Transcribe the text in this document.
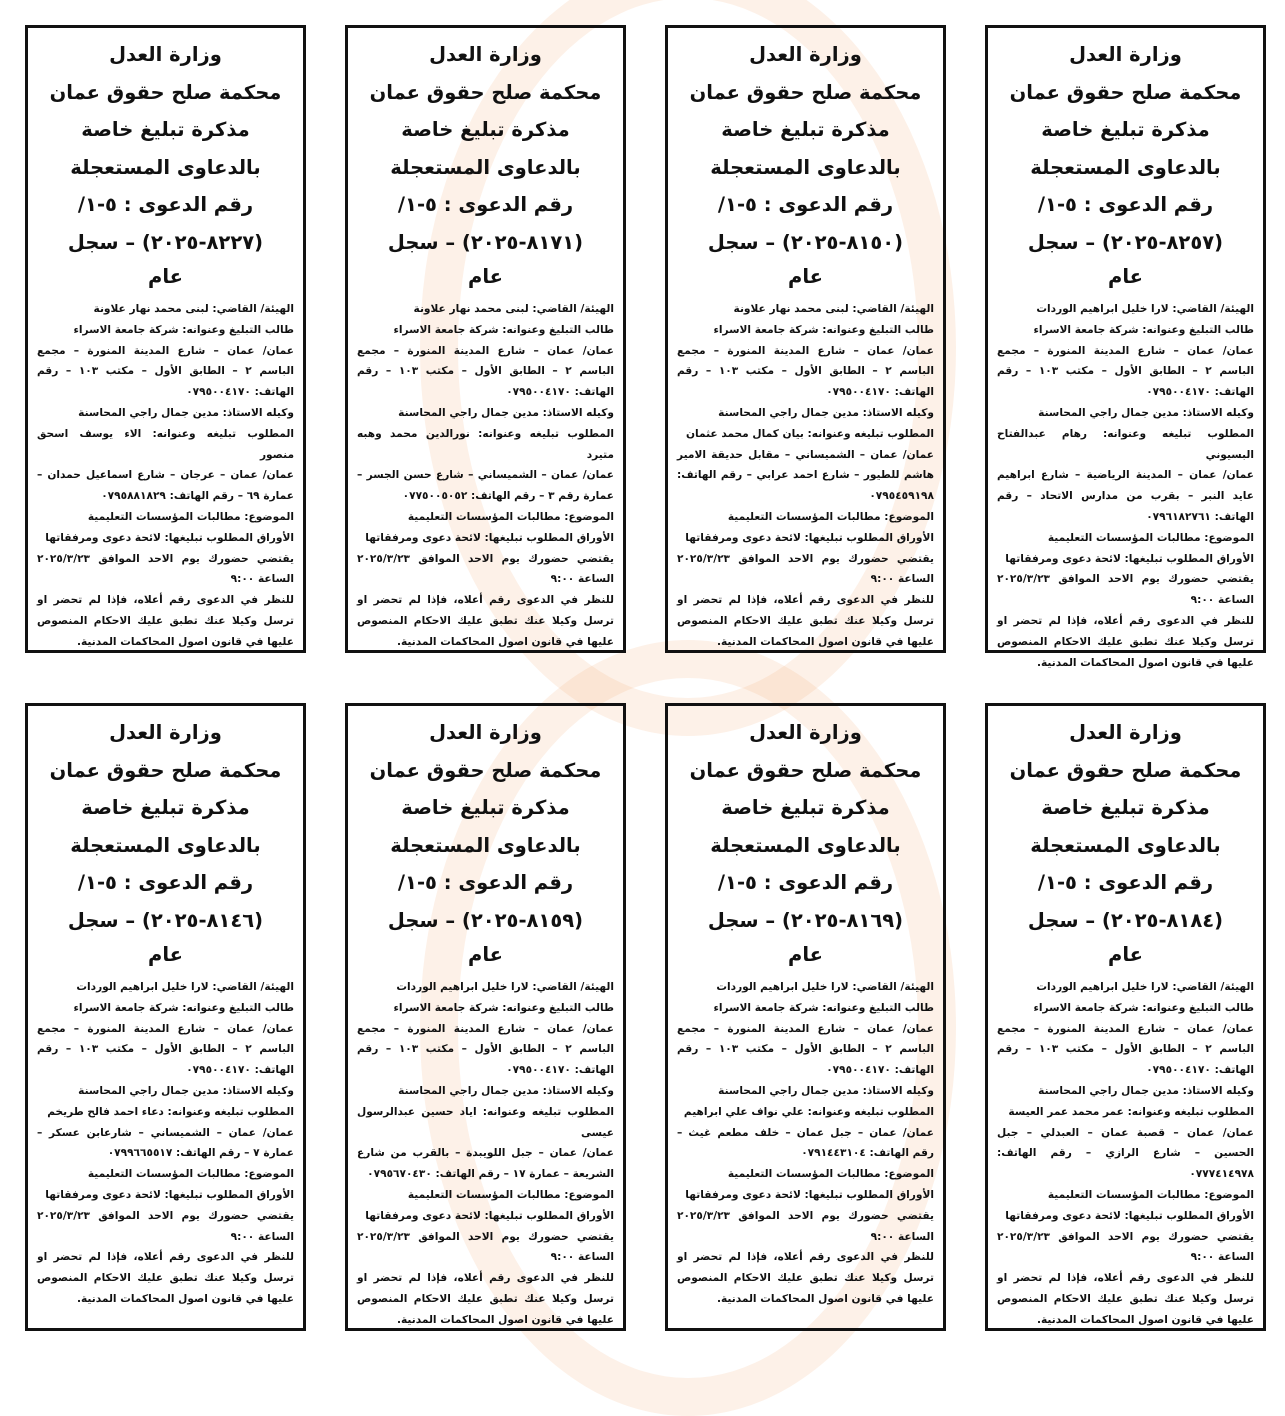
وزارة العدل
محكمة صلح حقوق عمان
مذكرة تبليغ خاصة
بالدعاوى المستعجلة
رقم الدعوى : ٥-١/
(٨٢٥٧-٢٠٢٥) – سجل
عام

الهيئة/ القاضي: لارا خليل ابراهيم الوردات

طالب التبليغ وعنوانه: شركة جامعة الاسراء

عمان/ عمان – شارع المدينة المنورة – مجمع الباسم ٢ – الطابق الأول – مكتب ١٠٣ – رقم الهاتف: ٠٧٩٥٠٠٤١٧٠

وكيله الاستاذ: مدين جمال راجي المحاسنة

المطلوب تبليغه وعنوانه: رهام عبدالفتاح البسيوني

عمان/ عمان – المدينة الرياضية – شارع ابراهيم عايد النبر – بقرب من مدارس الاتحاد – رقم الهاتف: ٠٧٩٦١٨٢٧٦١

الموضوع: مطالبات المؤسسات التعليمية

الأوراق المطلوب تبليغها: لائحة دعوى ومرفقاتها

يقتضي حضورك يوم الاحد الموافق ٢٠٢٥/٣/٢٣ الساعة ٩:٠٠

للنظر في الدعوى رقم أعلاه، فإذا لم تحضر او ترسل وكيلا عنك تطبق عليك الاحكام المنصوص عليها في قانون اصول المحاكمات المدنية.

وزارة العدل
محكمة صلح حقوق عمان
مذكرة تبليغ خاصة
بالدعاوى المستعجلة
رقم الدعوى : ٥-١/
(٨١٥٠-٢٠٢٥) – سجل
عام

الهيئة/ القاضي: لبنى محمد نهار علاونة

طالب التبليغ وعنوانه: شركة جامعة الاسراء

عمان/ عمان – شارع المدينة المنورة – مجمع الباسم ٢ – الطابق الأول – مكتب ١٠٣ – رقم الهاتف: ٠٧٩٥٠٠٤١٧٠

وكيله الاستاذ: مدين جمال راجي المحاسنة

المطلوب تبليغه وعنوانه: بيان كمال محمد عثمان

عمان/ عمان – الشميساني – مقابل حديقة الامير هاشم للطيور – شارع احمد عرابي – رقم الهاتف: ٠٧٩٥٤٥٩١٩٨

الموضوع: مطالبات المؤسسات التعليمية

الأوراق المطلوب تبليغها: لائحة دعوى ومرفقاتها

يقتضي حضورك يوم الاحد الموافق ٢٠٢٥/٣/٢٣ الساعة ٩:٠٠

للنظر في الدعوى رقم أعلاه، فإذا لم تحضر او ترسل وكيلا عنك تطبق عليك الاحكام المنصوص عليها في قانون اصول المحاكمات المدنية.

وزارة العدل
محكمة صلح حقوق عمان
مذكرة تبليغ خاصة
بالدعاوى المستعجلة
رقم الدعوى : ٥-١/
(٨١٧١-٢٠٢٥) – سجل
عام

الهيئة/ القاضي: لبنى محمد نهار علاونة

طالب التبليغ وعنوانه: شركة جامعة الاسراء

عمان/ عمان – شارع المدينة المنورة – مجمع الباسم ٢ – الطابق الأول – مكتب ١٠٣ – رقم الهاتف: ٠٧٩٥٠٠٤١٧٠

وكيله الاستاذ: مدين جمال راجي المحاسنة

المطلوب تبليغه وعنوانه: نورالدين محمد وهبه متيرد

عمان/ عمان – الشميساني – شارع حسن الجسر – عمارة رقم ٣ – رقم الهاتف: ٠٧٧٥٠٠٥٠٥٢

الموضوع: مطالبات المؤسسات التعليمية

الأوراق المطلوب تبليغها: لائحة دعوى ومرفقاتها

يقتضي حضورك يوم الاحد الموافق ٢٠٢٥/٣/٢٣ الساعة ٩:٠٠

للنظر في الدعوى رقم أعلاه، فإذا لم تحضر او ترسل وكيلا عنك تطبق عليك الاحكام المنصوص عليها في قانون اصول المحاكمات المدنية.

وزارة العدل
محكمة صلح حقوق عمان
مذكرة تبليغ خاصة
بالدعاوى المستعجلة
رقم الدعوى : ٥-١/
(٨٢٢٧-٢٠٢٥) – سجل
عام

الهيئة/ القاضي: لبنى محمد نهار علاونة

طالب التبليغ وعنوانه: شركة جامعة الاسراء

عمان/ عمان – شارع المدينة المنورة – مجمع الباسم ٢ – الطابق الأول – مكتب ١٠٣ – رقم الهاتف: ٠٧٩٥٠٠٤١٧٠

وكيله الاستاذ: مدين جمال راجي المحاسنة

المطلوب تبليغه وعنوانه: الاء يوسف اسحق منصور

عمان/ عمان – عرجان – شارع اسماعيل حمدان – عمارة ٦٩ – رقم الهاتف: ٠٧٩٥٨٨١٨٢٩

الموضوع: مطالبات المؤسسات التعليمية

الأوراق المطلوب تبليغها: لائحة دعوى ومرفقاتها

يقتضي حضورك يوم الاحد الموافق ٢٠٢٥/٣/٢٣ الساعة ٩:٠٠

للنظر في الدعوى رقم أعلاه، فإذا لم تحضر او ترسل وكيلا عنك تطبق عليك الاحكام المنصوص عليها في قانون اصول المحاكمات المدنية.

وزارة العدل
محكمة صلح حقوق عمان
مذكرة تبليغ خاصة
بالدعاوى المستعجلة
رقم الدعوى : ٥-١/
(٨١٨٤-٢٠٢٥) – سجل
عام

الهيئة/ القاضي: لارا خليل ابراهيم الوردات

طالب التبليغ وعنوانه: شركة جامعة الاسراء

عمان/ عمان – شارع المدينة المنورة – مجمع الباسم ٢ – الطابق الأول – مكتب ١٠٣ – رقم الهاتف: ٠٧٩٥٠٠٤١٧٠

وكيله الاستاذ: مدين جمال راجي المحاسنة

المطلوب تبليغه وعنوانه: عمر محمد عمر العيسة

عمان/ عمان – قصبة عمان – العبدلي – جبل الحسين – شارع الرازي – رقم الهاتف: ٠٧٧٧٤١٤٩٧٨

الموضوع: مطالبات المؤسسات التعليمية

الأوراق المطلوب تبليغها: لائحة دعوى ومرفقاتها

يقتضي حضورك يوم الاحد الموافق ٢٠٢٥/٣/٢٣ الساعة ٩:٠٠

للنظر في الدعوى رقم أعلاه، فإذا لم تحضر او ترسل وكيلا عنك تطبق عليك الاحكام المنصوص عليها في قانون اصول المحاكمات المدنية.

وزارة العدل
محكمة صلح حقوق عمان
مذكرة تبليغ خاصة
بالدعاوى المستعجلة
رقم الدعوى : ٥-١/
(٨١٦٩-٢٠٢٥) – سجل
عام

الهيئة/ القاضي: لارا خليل ابراهيم الوردات

طالب التبليغ وعنوانه: شركة جامعة الاسراء

عمان/ عمان – شارع المدينة المنورة – مجمع الباسم ٢ – الطابق الأول – مكتب ١٠٣ – رقم الهاتف: ٠٧٩٥٠٠٤١٧٠

وكيله الاستاذ: مدين جمال راجي المحاسنة

المطلوب تبليغه وعنوانه: علي نواف علي ابراهيم

عمان/ عمان – جبل عمان – خلف مطعم غيث – رقم الهاتف: ٠٧٩١٤٤٣١٠٤

الموضوع: مطالبات المؤسسات التعليمية

الأوراق المطلوب تبليغها: لائحة دعوى ومرفقاتها

يقتضي حضورك يوم الاحد الموافق ٢٠٢٥/٣/٢٣ الساعة ٩:٠٠

للنظر في الدعوى رقم أعلاه، فإذا لم تحضر او ترسل وكيلا عنك تطبق عليك الاحكام المنصوص عليها في قانون اصول المحاكمات المدنية.

وزارة العدل
محكمة صلح حقوق عمان
مذكرة تبليغ خاصة
بالدعاوى المستعجلة
رقم الدعوى : ٥-١/
(٨١٥٩-٢٠٢٥) – سجل
عام

الهيئة/ القاضي: لارا خليل ابراهيم الوردات

طالب التبليغ وعنوانه: شركة جامعة الاسراء

عمان/ عمان – شارع المدينة المنورة – مجمع الباسم ٢ – الطابق الأول – مكتب ١٠٣ – رقم الهاتف: ٠٧٩٥٠٠٤١٧٠

وكيله الاستاذ: مدين جمال راجي المحاسنة

المطلوب تبليغه وعنوانه: اياد حسين عبدالرسول عيسى

عمان/ عمان – جبل اللويبدة – بالقرب من شارع الشريعة – عمارة ١٧ – رقم الهاتف: ٠٧٩٥٦٧٠٤٣٠

الموضوع: مطالبات المؤسسات التعليمية

الأوراق المطلوب تبليغها: لائحة دعوى ومرفقاتها

يقتضي حضورك يوم الاحد الموافق ٢٠٢٥/٣/٢٣ الساعة ٩:٠٠

للنظر في الدعوى رقم أعلاه، فإذا لم تحضر او ترسل وكيلا عنك تطبق عليك الاحكام المنصوص عليها في قانون اصول المحاكمات المدنية.

وزارة العدل
محكمة صلح حقوق عمان
مذكرة تبليغ خاصة
بالدعاوى المستعجلة
رقم الدعوى : ٥-١/
(٨١٤٦-٢٠٢٥) – سجل
عام

الهيئة/ القاضي: لارا خليل ابراهيم الوردات

طالب التبليغ وعنوانه: شركة جامعة الاسراء

عمان/ عمان – شارع المدينة المنورة – مجمع الباسم ٢ – الطابق الأول – مكتب ١٠٣ – رقم الهاتف: ٠٧٩٥٠٠٤١٧٠

وكيله الاستاذ: مدين جمال راجي المحاسنة

المطلوب تبليغه وعنوانه: دعاء احمد فالح طريخم

عمان/ عمان – الشميساني – شارعابن عسكر – عمارة ٧ – رقم الهاتف: ٠٧٩٩٦٦٥٥١٧

الموضوع: مطالبات المؤسسات التعليمية

الأوراق المطلوب تبليغها: لائحة دعوى ومرفقاتها

يقتضي حضورك يوم الاحد الموافق ٢٠٢٥/٣/٢٣ الساعة ٩:٠٠

للنظر في الدعوى رقم أعلاه، فإذا لم تحضر او ترسل وكيلا عنك تطبق عليك الاحكام المنصوص عليها في قانون اصول المحاكمات المدنية.
